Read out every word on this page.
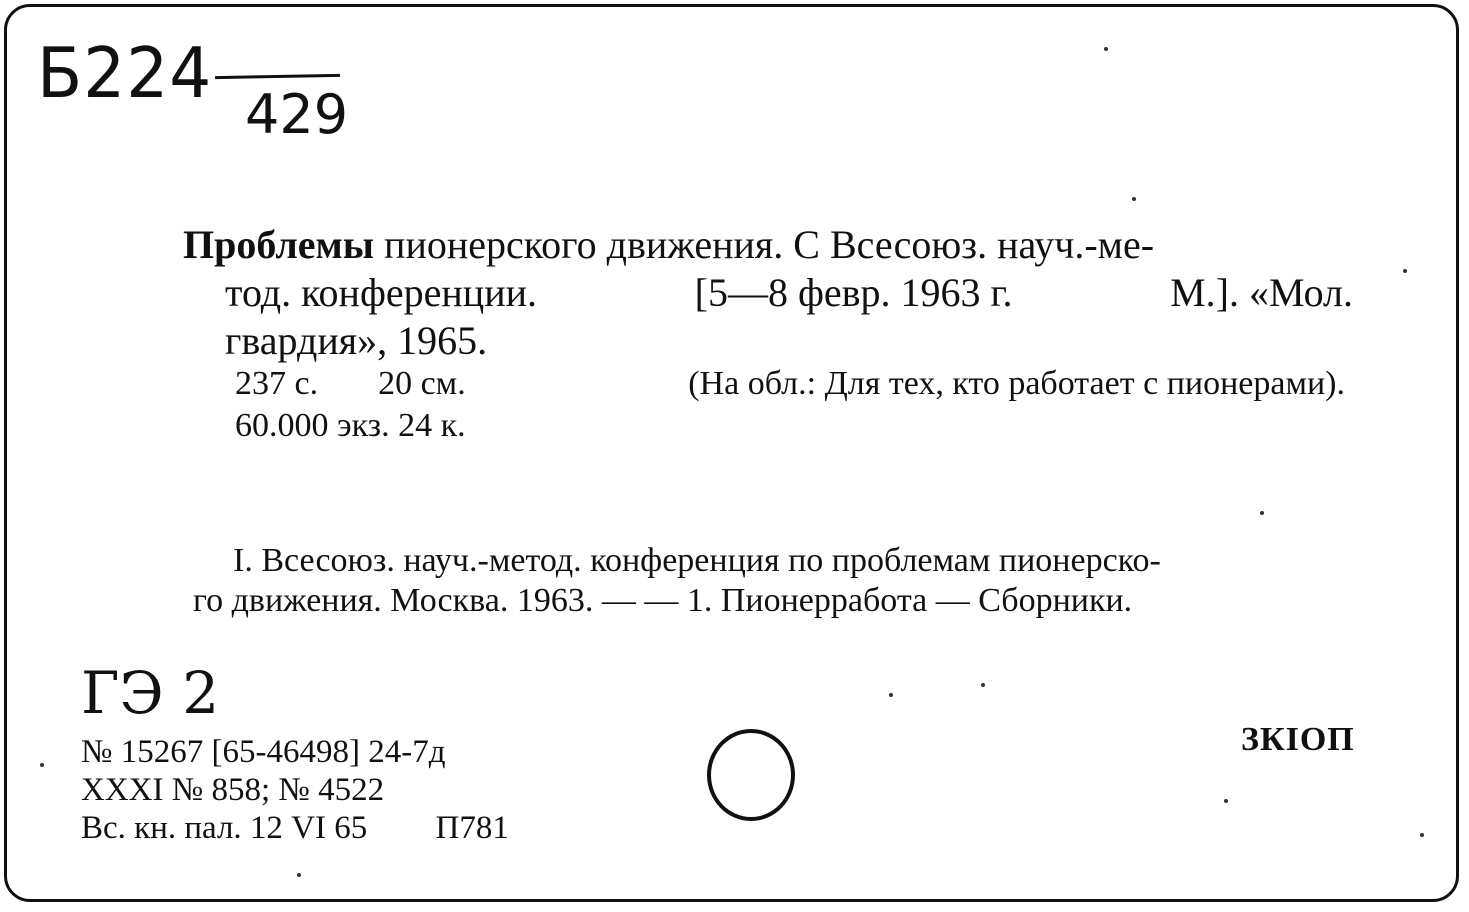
Б224
429
Проблемы пионерского движения. С Всесоюз. науч.-ме-
тод. конференции.	[5—8 февр. 1963 г.	М.]. «Мол.
гвардия», 1965.
237 с. 20 см.	(На обл.: Для тех, кто работает с пионерами).
60.000 экз. 24 к.
I. Всесоюз. науч.-метод. конференция по проблемам пионерско-
го движения. Москва. 1963. — — 1. Пионерработа — Сборники.
ГЭ 2
№ 15267 [65-46498] 24-7д
XXXI № 858; № 4522
Вс. кн. пал. 12 VI 65 П781
ЗКІОП
